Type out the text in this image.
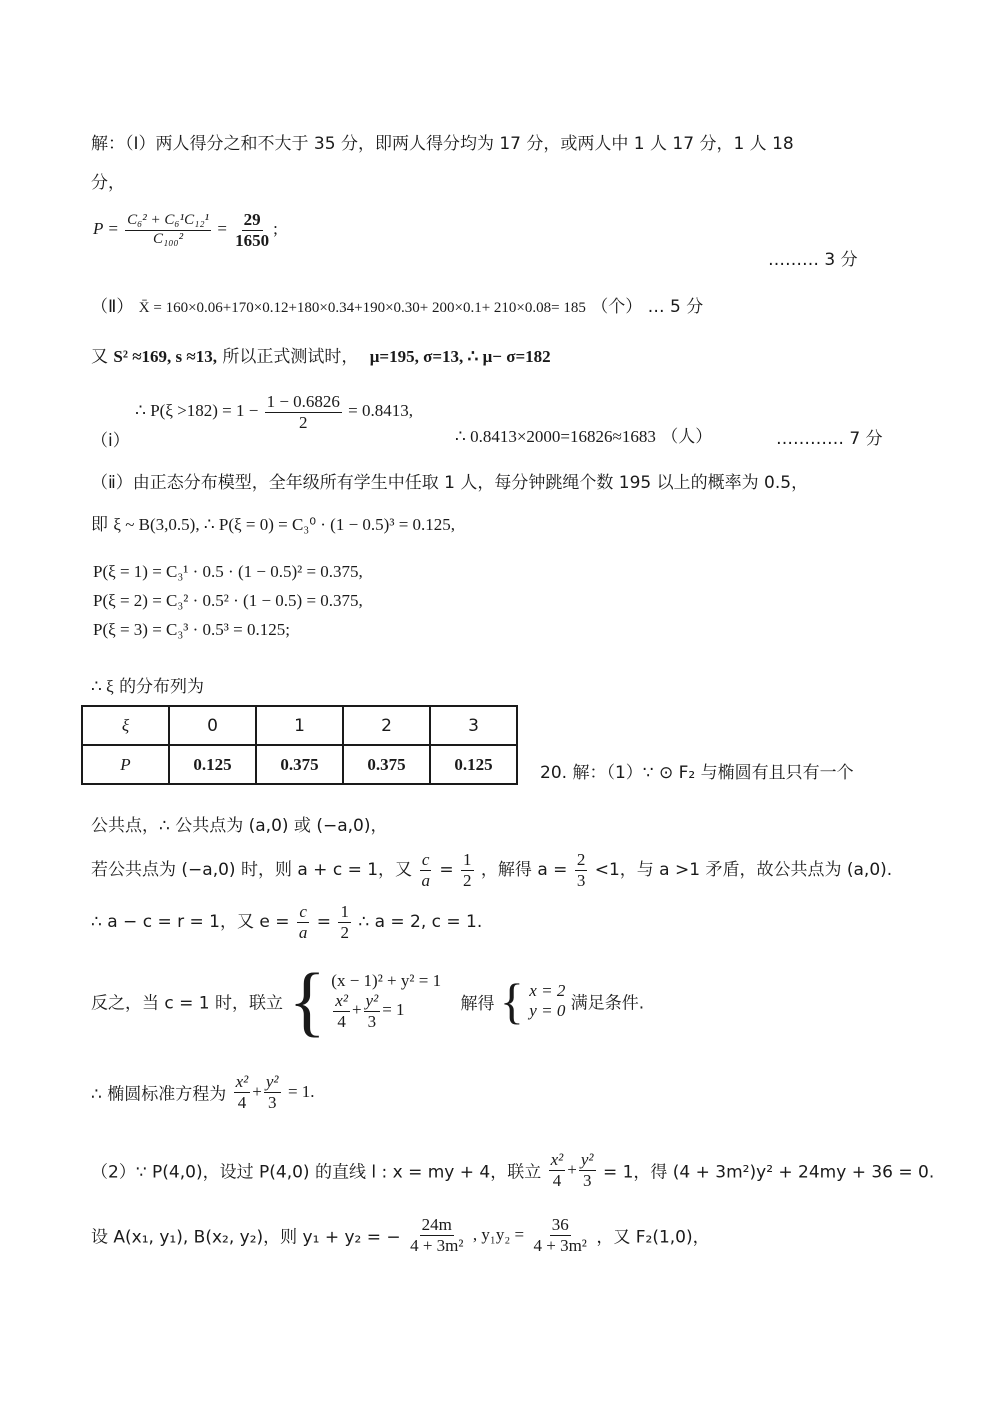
解：（Ⅰ）两人得分之和不大于 35 分，即两人得分均为 17 分，或两人中 1 人 17 分，1 人 18
分，
$P = \frac{\text{C₆² + C₆¹C₁₂¹}}{\text{C₁₀₀²}} = \frac{29}{1650}$ ;
……… 3 分
（Ⅱ） X̄ = 160×0.06+170×0.12+180×0.34+190×0.30+ 200×0.1+ 210×0.08= 185 （个） … 5 分
又 S² ≈169, s ≈13, 所以正式测试时， μ=195, σ=13, ∴ μ− σ=182
（ⅰ） ∴ $P(\xi >182) = 1 - \frac{1 - 0.6826}{2} = 0.8413$,
∴ 0.8413×2000=16826≈1683 （人）	………… 7 分
（ⅱ）由正态分布模型，全年级所有学生中任取 1 人，每分钟跳绳个数 195 以上的概率为 0.5，
即 ξ ~ B(3,0.5), ∴ P(ξ = 0) = C₃⁰ · (1 − 0.5)³ = 0.125,
P(ξ = 1) = C₃¹ · 0.5 · (1 − 0.5)² = 0.375,
P(ξ = 2) = C₃² · 0.5² · (1 − 0.5) = 0.375,
P(ξ = 3) = C₃³ · 0.5³ = 0.125;
∴ ξ 的分布列为
ξ	0	1	2	3
P	0.125	0.375	0.375	0.125	20. 解：（1）∵ ⊙ F₂ 与椭圆有且只有一个
公共点，∴ 公共点为 (a,0) 或 (−a,0)，
若公共点为 (−a,0) 时，则 a + c = 1，又 $\frac{c}{a} = \frac{1}{2}$ ，解得 $a = \frac{2}{3} <1$，与 a >1 矛盾，故公共点为 (a,0).
∴ a − c = r = 1，又 $e = \frac{c}{a} = \frac{1}{2}$ ∴ a = 2, c = 1.
反之，当 c = 1 时，联立 { (x − 1)² + y² = 1
$\frac{\text{x²}}{4} + \frac{\text{y²}}{3} = 1$	解得 { x = 2
y = 0 满足条件.
∴ 椭圆标准方程为 $\frac{\text{x²}}{4} + \frac{\text{y²}}{3} = 1$.
（2）∵ P(4,0)，设过 P(4,0) 的直线 l : x = my + 4，联立 $\frac{\text{x²}}{4} + \frac{\text{y²}}{3} = 1$，得 (4 + 3m²)y² + 24my + 36 = 0.
设 A(x₁, y₁), B(x₂, y₂)，则 y₁ + y₂ = − $\frac{24m}{\text{4 + 3m²}}$ , $y_1y_2 = \frac{36}{\text{4 + 3m²}}$ ，又 F₂(1,0)，
